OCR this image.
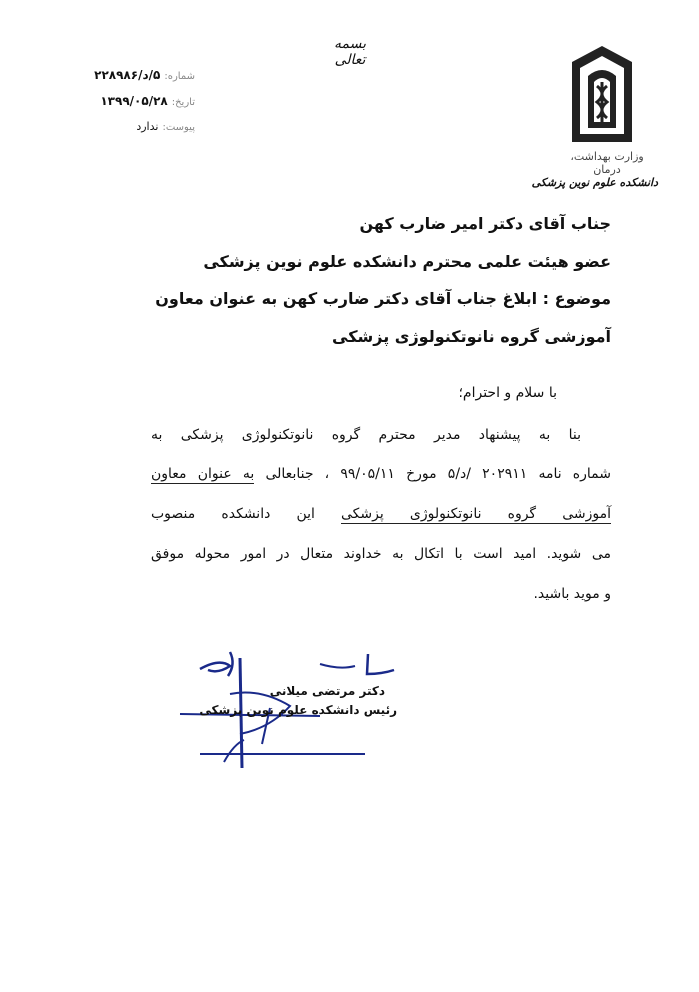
بسمه تعالی
وزارت بهداشت، درمان
دانشکده علوم نوین پزشکی
شماره:
۵/د/۲۲۸۹۸۶
تاریخ:
۱۳۹۹/۰۵/۲۸
پیوست:
ندارد
جناب آقای دکتر امیر ضارب کهن
عضو هیئت علمی محترم دانشکده علوم نوین پزشکی
موضوع : ابلاغ جناب آقای دکتر ضارب کهن به عنوان معاون
آموزشی گروه نانوتکنولوژی پزشکی
با سلام و احترام؛
بنا به پیشنهاد مدیر محترم گروه نانوتکنولوژی پزشکی به
شماره نامه ۲۰۲۹۱۱ /د/۵ مورخ ۹۹/۰۵/۱۱ ، جنابعالی به عنوان معاون
آموزشی گروه نانوتکنولوژی پزشکی این دانشکده منصوب
می شوید. امید است با اتکال به خداوند متعال در امور محوله موفق
و موید باشید.
دکتر مرتضی میلانی
رئیس دانشکده علوم نوین پزشکی
